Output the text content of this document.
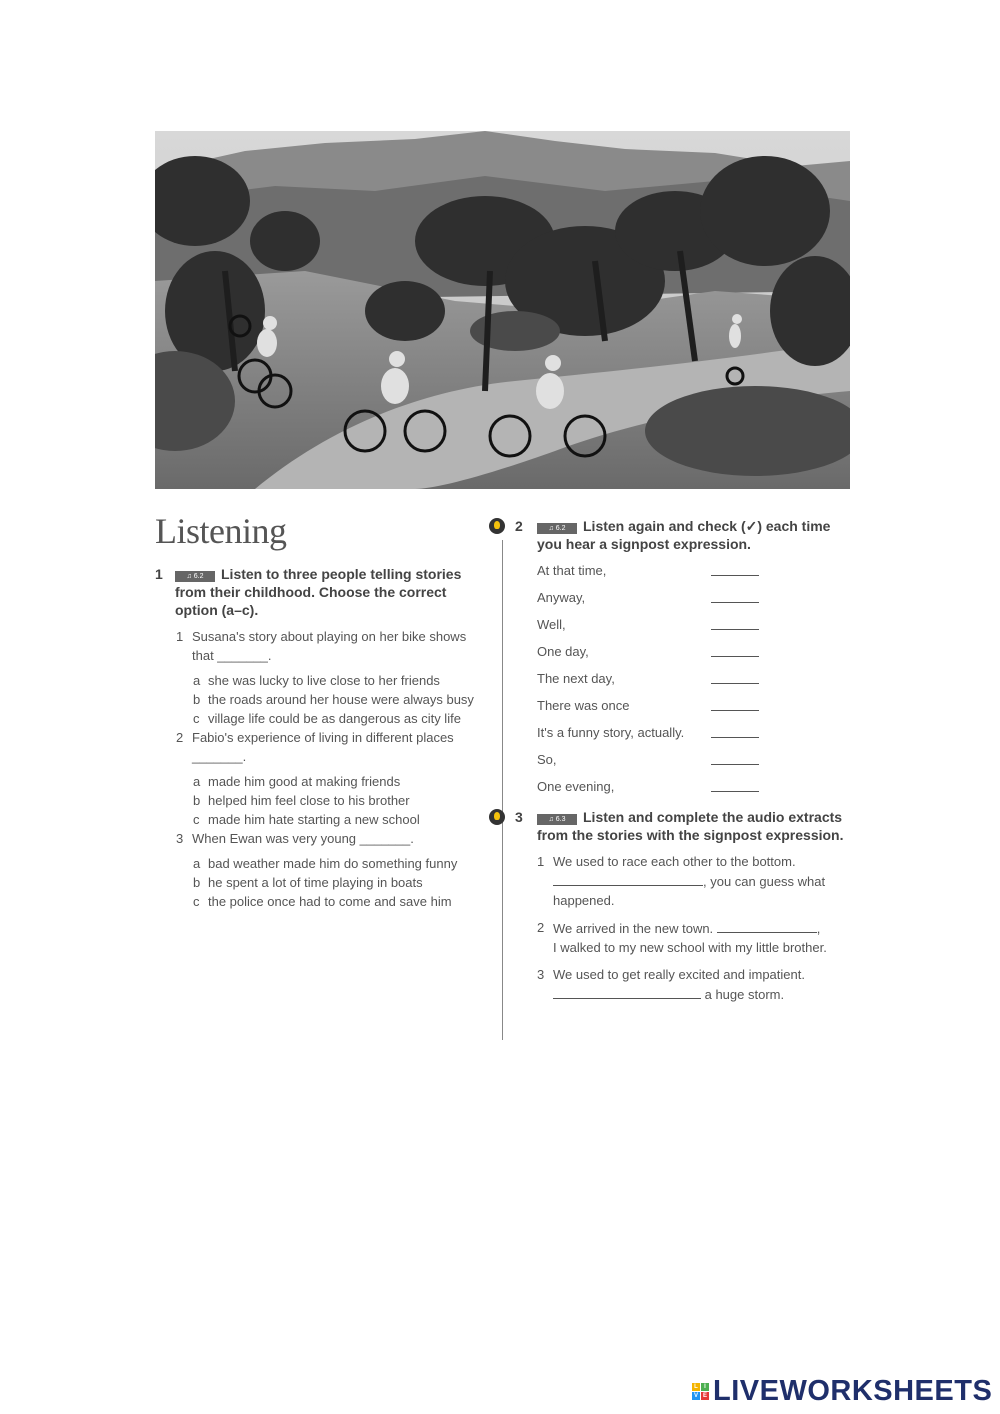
Listening
1	♫ 6.2 Listen to three people telling stories from their childhood. Choose the correct option (a–c).
1 Susana's story about playing on her bike shows that _______.
a she was lucky to live close to her friends
b the roads around her house were always busy
c village life could be as dangerous as city life
2 Fabio's experience of living in different places _______.
a made him good at making friends
b helped him feel close to his brother
c made him hate starting a new school
3 When Ewan was very young _______.
a bad weather made him do something funny
b he spent a lot of time playing in boats
c the police once had to come and save him
2	♫ 6.2 Listen again and check (✓) each time you hear a signpost expression.
At that time,
Anyway,
Well,
One day,
The next day,
There was once
It's a funny story, actually.
So,
One evening,
3	♫ 6.3 Listen and complete the audio extracts from the stories with the signpost expression.
1 We used to race each other to the bottom.
, you can guess what happened.
2 We arrived in the new town.	,
I walked to my new school with my little brother.
3 We used to get really excited and impatient.
a huge storm.
L	I
V E LIVEWORKSHEETS
